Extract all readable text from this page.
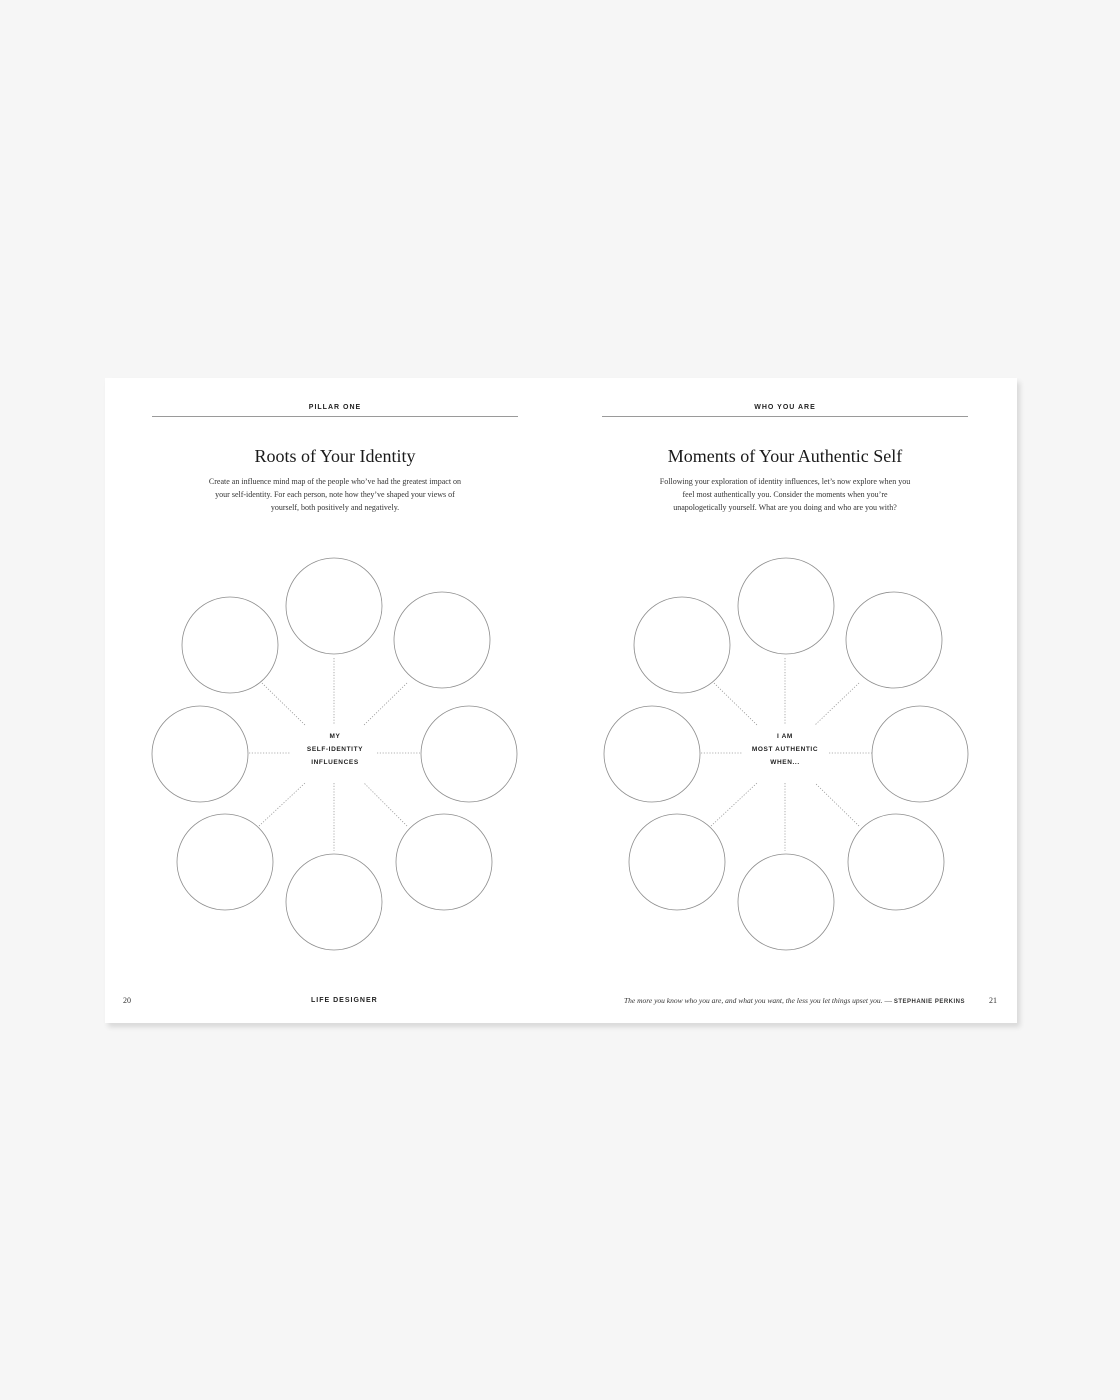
PILLAR ONE
Roots of Your Identity
Create an influence mind map of the people who’ve had the greatest impact on your self-identity. For each person, note how they’ve shaped your views of yourself, both positively and negatively.
MY
SELF-IDENTITY
INFLUENCES
20	LIFE DESIGNER
WHO YOU ARE
Moments of Your Authentic Self
Following your exploration of identity influences, let’s now explore when you feel most authentically you. Consider the moments when you’re unapologetically yourself. What are you doing and who are you with?
I AM
MOST AUTHENTIC
WHEN...
The more you know who you are, and what you want, the less you let things upset you. — STEPHANIE PERKINS	21
